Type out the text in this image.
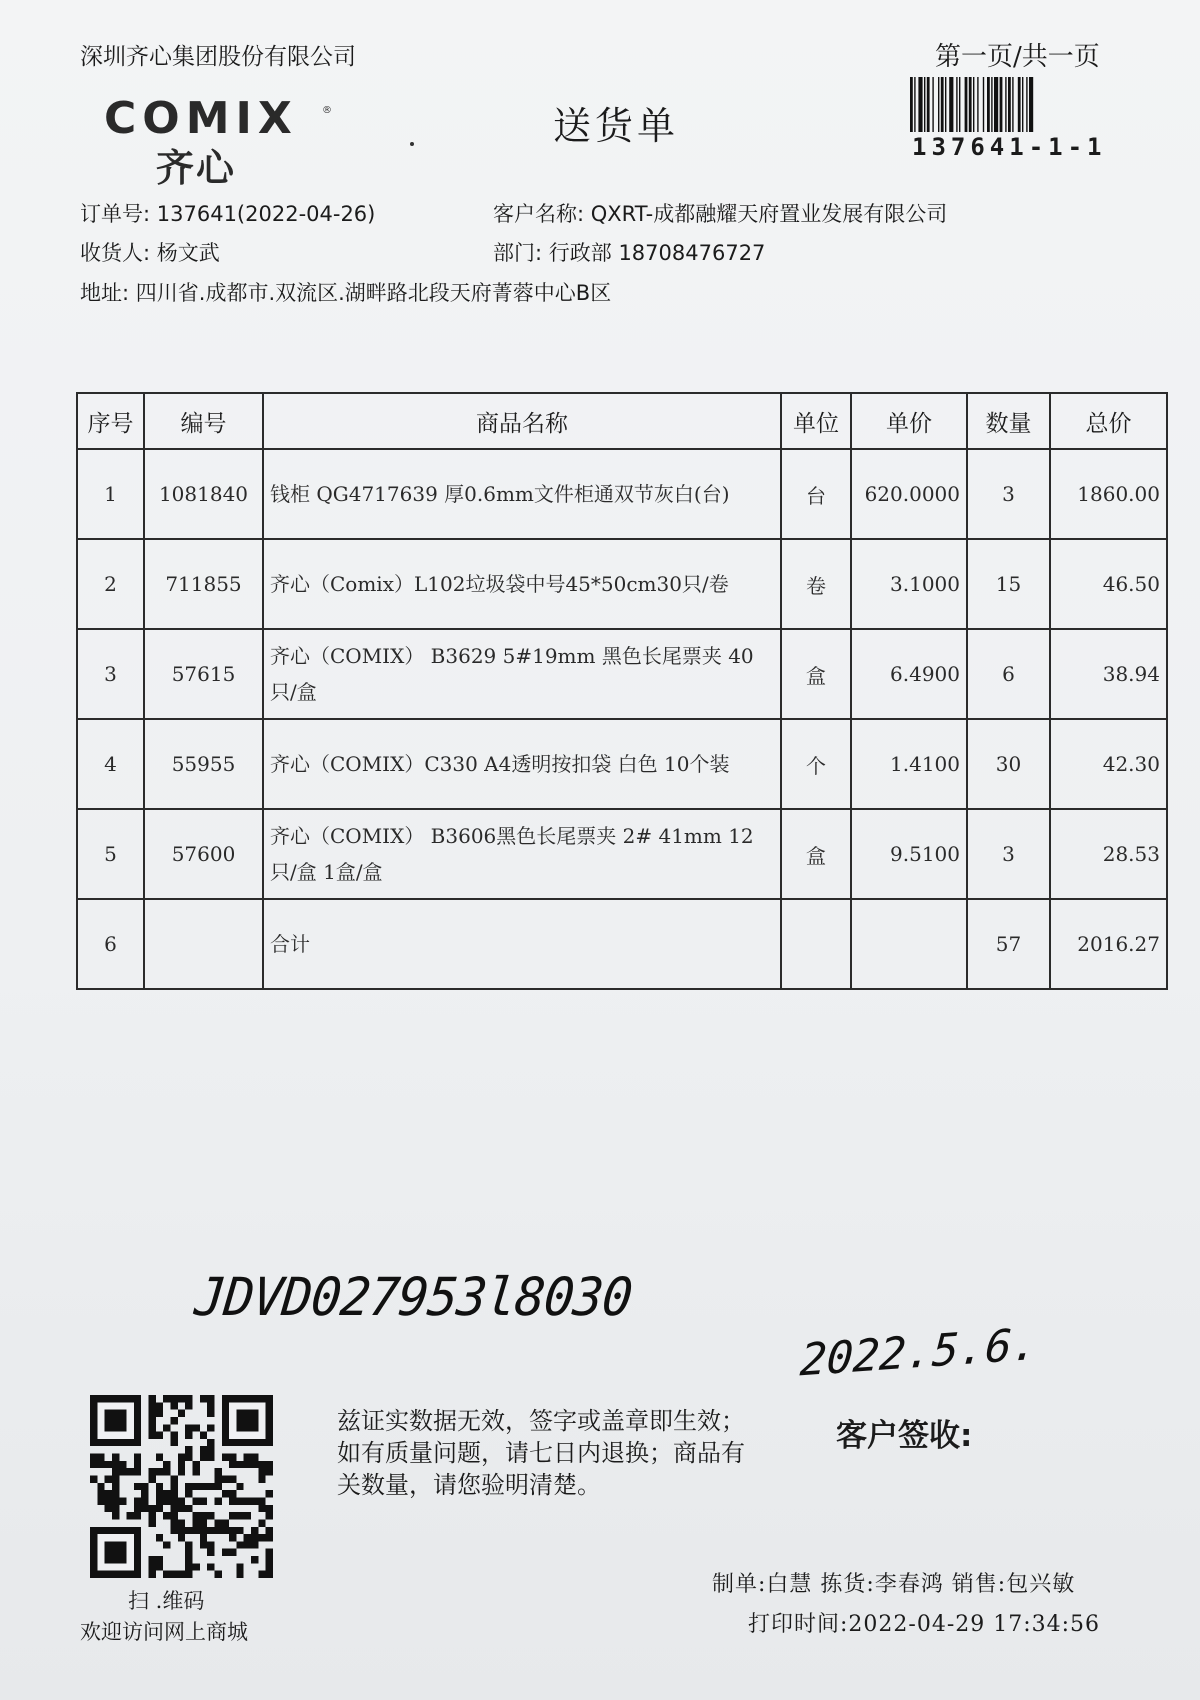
深圳齐心集团股份有限公司	第一页/共一页
COMIX ®
齐心
送货单	137641-1-1
订单号: 137641(2022-04-26)	客户名称: QXRT-成都融耀天府置业发展有限公司
收货人: 杨文武	部门: 行政部 18708476727
地址: 四川省.成都市.双流区.湖畔路北段天府菁蓉中心B区
序号	编号	商品名称	单位	单价	数量	总价
1	1081840	钱柜 QG4717639 厚0.6mm文件柜通双节灰白(台)	台	620.0000	3	1860.00
2	711855	齐心（Comix）L102垃圾袋中号45*50cm30只/卷	卷	3.1000	15	46.50
3	57615	齐心（COMIX） B3629 5#19mm 黑色长尾票夹 40只/盒	盒	6.4900	6	38.94
4	55955	齐心（COMIX）C330 A4透明按扣袋 白色 10个装	个	1.4100	30	42.30
5	57600	齐心（COMIX） B3606黑色长尾票夹 2# 41mm 12只/盒 1盒/盒	盒	9.5100	3	28.53
6		合计			57	2016.27
JDVD027953l8030
2022.5.6.
扫 .维码
欢迎访问网上商城
兹证实数据无效，签字或盖章即生效；如有质量问题，请七日内退换；商品有关数量，请您验明清楚。
客户签收:
制单:白慧 拣货:李春鸿 销售:包兴敏
打印时间:2022-04-29 17:34:56
